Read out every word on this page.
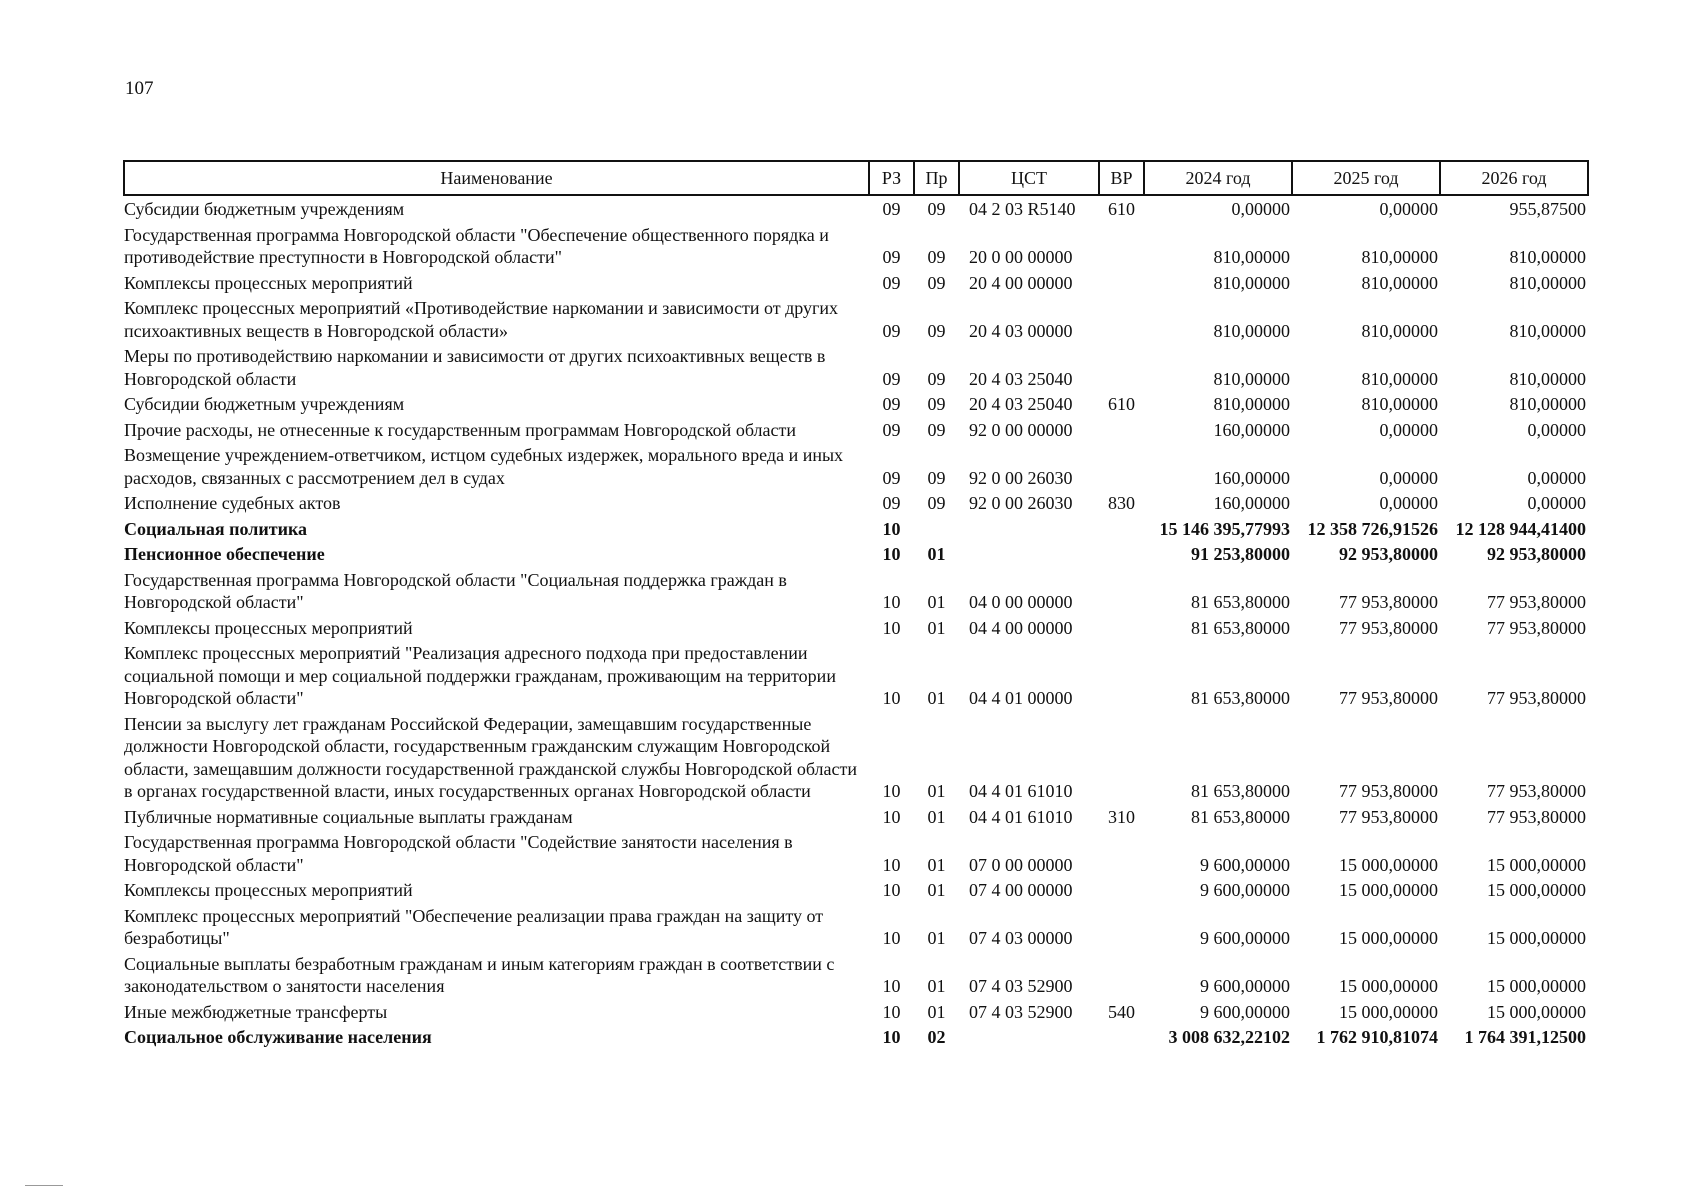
107
Наименование	РЗ	Пр	ЦСТ	ВР	2024 год	2025 год	2026 год
Субсидии бюджетным учреждениям	09	09	04 2 03 R5140	610	0,00000	0,00000	955,87500
Государственная программа Новгородской области "Обеспечение общественного порядка и противодействие преступности в Новгородской области"	09	09	20 0 00 00000		810,00000	810,00000	810,00000
Комплексы процессных мероприятий	09	09	20 4 00 00000		810,00000	810,00000	810,00000
Комплекс процессных мероприятий «Противодействие наркомании и зависимости от других психоактивных веществ в Новгородской области»	09	09	20 4 03 00000		810,00000	810,00000	810,00000
Меры по противодействию наркомании и зависимости от других психоактивных веществ в Новгородской области	09	09	20 4 03 25040		810,00000	810,00000	810,00000
Субсидии бюджетным учреждениям	09	09	20 4 03 25040	610	810,00000	810,00000	810,00000
Прочие расходы, не отнесенные к государственным программам Новгородской области	09	09	92 0 00 00000		160,00000	0,00000	0,00000
Возмещение учреждением-ответчиком, истцом судебных издержек, морального вреда и иных расходов, связанных с рассмотрением дел в судах	09	09	92 0 00 26030		160,00000	0,00000	0,00000
Исполнение судебных актов	09	09	92 0 00 26030	830	160,00000	0,00000	0,00000
Социальная политика	10				15 146 395,77993	12 358 726,91526	12 128 944,41400
Пенсионное обеспечение	10	01			91 253,80000	92 953,80000	92 953,80000
Государственная программа Новгородской области "Социальная поддержка граждан в Новгородской области"	10	01	04 0 00 00000		81 653,80000	77 953,80000	77 953,80000
Комплексы процессных мероприятий	10	01	04 4 00 00000		81 653,80000	77 953,80000	77 953,80000
Комплекс процессных мероприятий "Реализация адресного подхода при предоставлении социальной помощи и мер социальной поддержки гражданам, проживающим на территории Новгородской области"	10	01	04 4 01 00000		81 653,80000	77 953,80000	77 953,80000
Пенсии за выслугу лет гражданам Российской Федерации, замещавшим государственные должности Новгородской области, государственным гражданским служащим Новгородской области, замещавшим должности государственной гражданской службы Новгородской области в органах государственной власти, иных государственных органах Новгородской области	10	01	04 4 01 61010		81 653,80000	77 953,80000	77 953,80000
Публичные нормативные социальные выплаты гражданам	10	01	04 4 01 61010	310	81 653,80000	77 953,80000	77 953,80000
Государственная программа Новгородской области "Содействие занятости населения в Новгородской области"	10	01	07 0 00 00000		9 600,00000	15 000,00000	15 000,00000
Комплексы процессных мероприятий	10	01	07 4 00 00000		9 600,00000	15 000,00000	15 000,00000
Комплекс процессных мероприятий "Обеспечение реализации права граждан на защиту от безработицы"	10	01	07 4 03 00000		9 600,00000	15 000,00000	15 000,00000
Социальные выплаты безработным гражданам и иным категориям граждан в соответствии с законодательством о занятости населения	10	01	07 4 03 52900		9 600,00000	15 000,00000	15 000,00000
Иные межбюджетные трансферты	10	01	07 4 03 52900	540	9 600,00000	15 000,00000	15 000,00000
Социальное обслуживание населения	10	02			3 008 632,22102	1 762 910,81074	1 764 391,12500
